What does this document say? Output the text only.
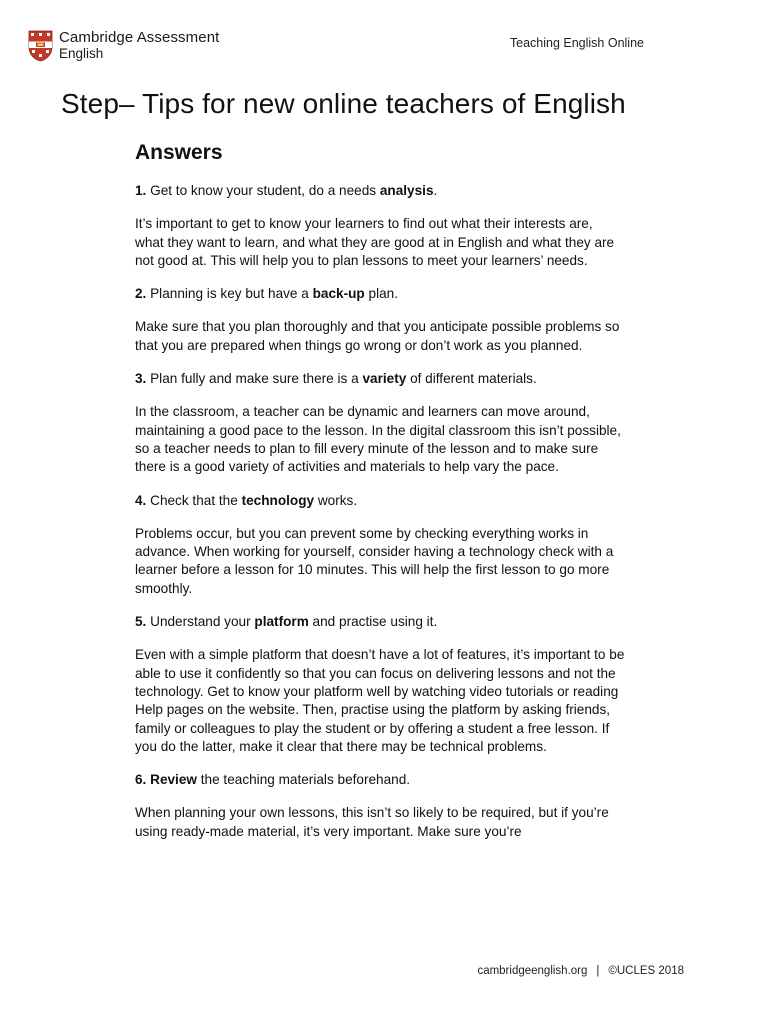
Cambridge Assessment
English
Teaching English Online
Step– Tips for new online teachers of English
Answers

1. Get to know your student, do a needs analysis.

It’s important to get to know your learners to find out what their interests are, what they want to learn, and what they are good at in English and what they are not good at. This will help you to plan lessons to meet your learners’ needs.

2. Planning is key but have a back-up plan.

Make sure that you plan thoroughly and that you anticipate possible problems so that you are prepared when things go wrong or don’t work as you planned.

3. Plan fully and make sure there is a variety of different materials.

In the classroom, a teacher can be dynamic and learners can move around, maintaining a good pace to the lesson. In the digital classroom this isn’t possible, so a teacher needs to plan to fill every minute of the lesson and to make sure there is a good variety of activities and materials to help vary the pace.

4. Check that the technology works.

Problems occur, but you can prevent some by checking everything works in advance. When working for yourself, consider having a technology check with a learner before a lesson for 10 minutes. This will help the first lesson to go more smoothly.

5. Understand your platform and practise using it.

Even with a simple platform that doesn’t have a lot of features, it’s important to be able to use it confidently so that you can focus on delivering lessons and not the technology. Get to know your platform well by watching video tutorials or reading Help pages on the website. Then, practise using the platform by asking friends, family or colleagues to play the student or by offering a student a free lesson. If you do the latter, make it clear that there may be technical problems.

6. Review the teaching materials beforehand.

When planning your own lessons, this isn’t so likely to be required, but if you’re using ready-made material, it’s very important. Make sure you’re

cambridgeenglish.org | ©UCLES 2018
